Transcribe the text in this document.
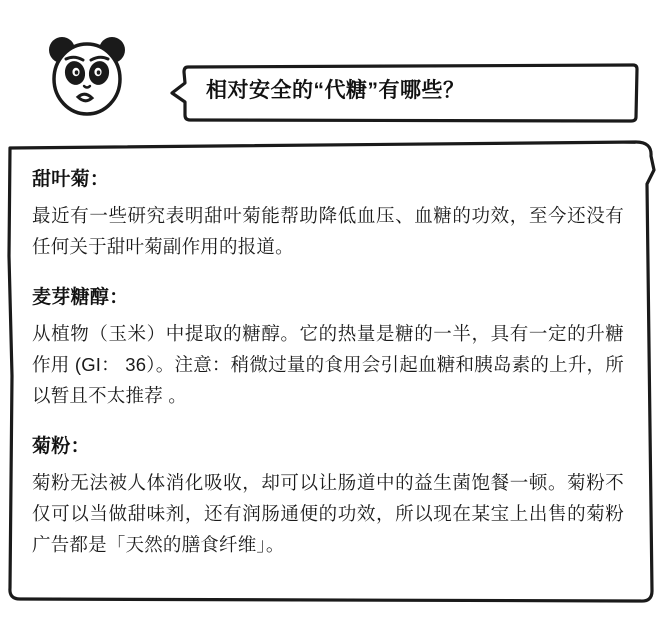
相对安全的“代糖”有哪些？
甜叶菊：
最近有一些研究表明甜叶菊能帮助降低血压、血糖的功效，至今还没有任何关于甜叶菊副作用的报道。
麦芽糖醇：
从植物（玉米）中提取的糖醇。它的热量是糖的一半，具有一定的升糖作用 (GI： 36）。注意：稍微过量的食用会引起血糖和胰岛素的上升，所以暂且不太推荐 。
菊粉：
菊粉无法被人体消化吸收，却可以让肠道中的益生菌饱餐一顿。菊粉不仅可以当做甜味剂，还有润肠通便的功效，所以现在某宝上出售的菊粉广告都是「天然的膳食纤维」。
